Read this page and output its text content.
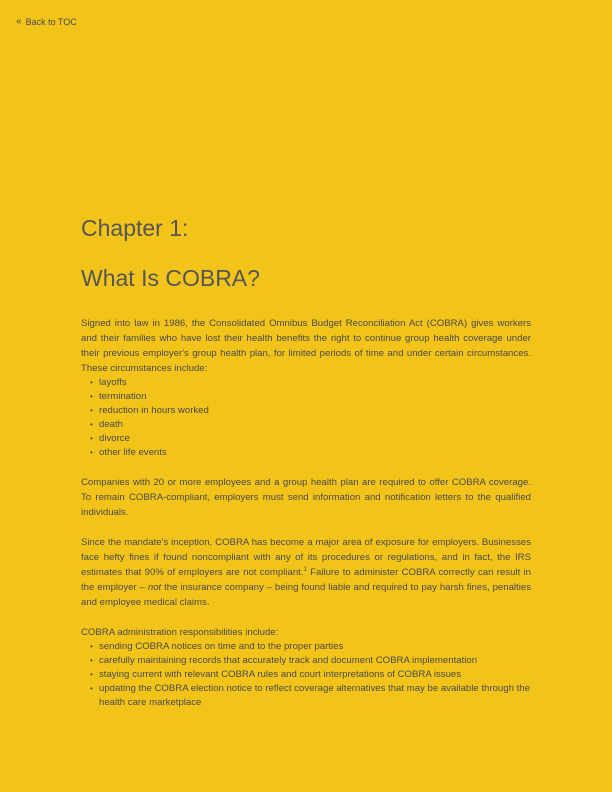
« Back to TOC
Chapter 1:
What Is COBRA?

Signed into law in 1986, the Consolidated Omnibus Budget Reconciliation Act (COBRA) gives workers and their families who have lost their health benefits the right to continue group health coverage under their previous employer's group health plan, for limited periods of time and under certain circumstances. These circumstances include:

• layoffs
• termination
• reduction in hours worked
• death
• divorce
• other life events

Companies with 20 or more employees and a group health plan are required to offer COBRA coverage. To remain COBRA-compliant, employers must send information and notification letters to the qualified individuals.

Since the mandate's inception, COBRA has become a major area of exposure for employers. Businesses face hefty fines if found noncompliant with any of its procedures or regulations, and in fact, the IRS estimates that 90% of employers are not compliant.$^1$ Failure to administer COBRA correctly can result in the employer – not the insurance company – being found liable and required to pay harsh fines, penalties and employee medical claims.

COBRA administration responsibilities include:

• sending COBRA notices on time and to the proper parties
• carefully maintaining records that accurately track and document COBRA implementation
• staying current with relevant COBRA rules and court interpretations of COBRA issues
• updating the COBRA election notice to reflect coverage alternatives that may be available through the health care marketplace
